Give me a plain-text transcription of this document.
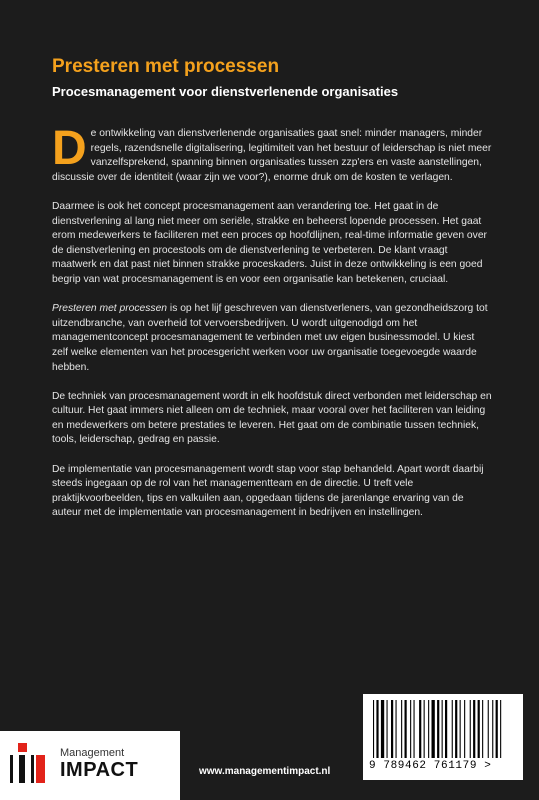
Presteren met processen
Procesmanagement voor dienstverlenende organisaties

De ontwikkeling van dienstverlenende organisaties gaat snel: minder managers, minder regels, razendsnelle digitalisering, legitimiteit van het bestuur of leiderschap is niet meer vanzelfsprekend, spanning binnen organisaties tussen zzp'ers en vaste aanstellingen, discussie over de identiteit (waar zijn we voor?), enorme druk om de kosten te verlagen.

Daarmee is ook het concept procesmanagement aan verandering toe. Het gaat in de dienstverlening al lang niet meer om seriële, strakke en beheerst lopende processen. Het gaat erom medewerkers te faciliteren met een proces op hoofdlijnen, real-time informatie geven over de dienstverlening en procestools om de dienstverlening te verbeteren. De klant vraagt maatwerk en dat past niet binnen strakke proceskaders. Juist in deze ontwikkeling is een goed begrip van wat procesmanagement is en voor een organisatie kan betekenen, cruciaal.

Presteren met processen is op het lijf geschreven van dienstverleners, van gezondheidszorg tot uitzendbranche, van overheid tot vervoersbedrijven. U wordt uitgenodigd om het managementconcept procesmanagement te verbinden met uw eigen businessmodel. U kiest zelf welke elementen van het procesgericht werken voor uw organisatie toegevoegde waarde hebben.

De techniek van procesmanagement wordt in elk hoofdstuk direct verbonden met leiderschap en cultuur. Het gaat immers niet alleen om de techniek, maar vooral over het faciliteren van leiding en medewerkers om betere prestaties te leveren. Het gaat om de combinatie tussen techniek, tools, leiderschap, gedrag en passie.

De implementatie van procesmanagement wordt stap voor stap behandeld. Apart wordt daarbij steeds ingegaan op de rol van het managementteam en de directie. U treft vele praktijkvoorbeelden, tips en valkuilen aan, opgedaan tijdens de jarenlange ervaring van de auteur met de implementatie van procesmanagement in bedrijven en instellingen.

Management
IMPACT	www.managementimpact.nl	9 789462 761179 >
